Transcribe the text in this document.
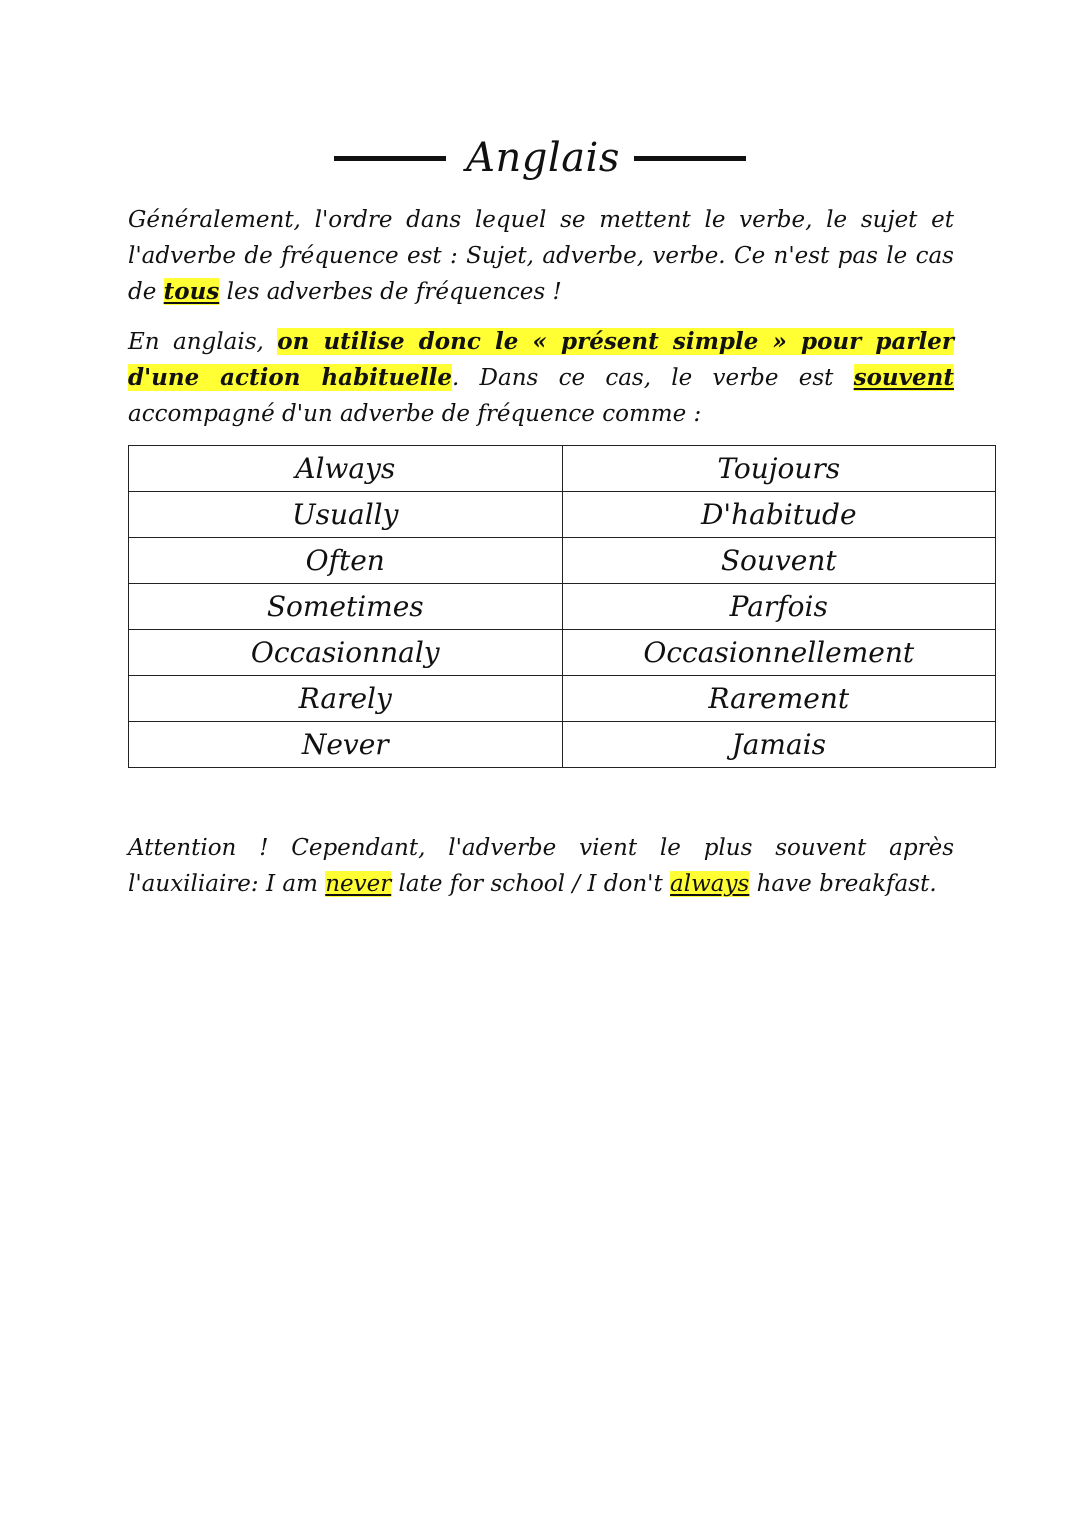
Anglais

Généralement, l'ordre dans lequel se mettent le verbe, le sujet et l'adverbe de fréquence est : Sujet, adverbe, verbe. Ce n'est pas le cas de tous les adverbes de fréquences !

En anglais, on utilise donc le « présent simple » pour parler d'une action habituelle. Dans ce cas, le verbe est souvent accompagné d'un adverbe de fréquence comme :

Always	Toujours
Usually	D'habitude
Often	Souvent
Sometimes	Parfois
Occasionnaly	Occasionnellement
Rarely	Rarement
Never	Jamais

Attention ! Cependant, l'adverbe vient le plus souvent après l'auxiliaire: I am never late for school / I don't always have breakfast.
